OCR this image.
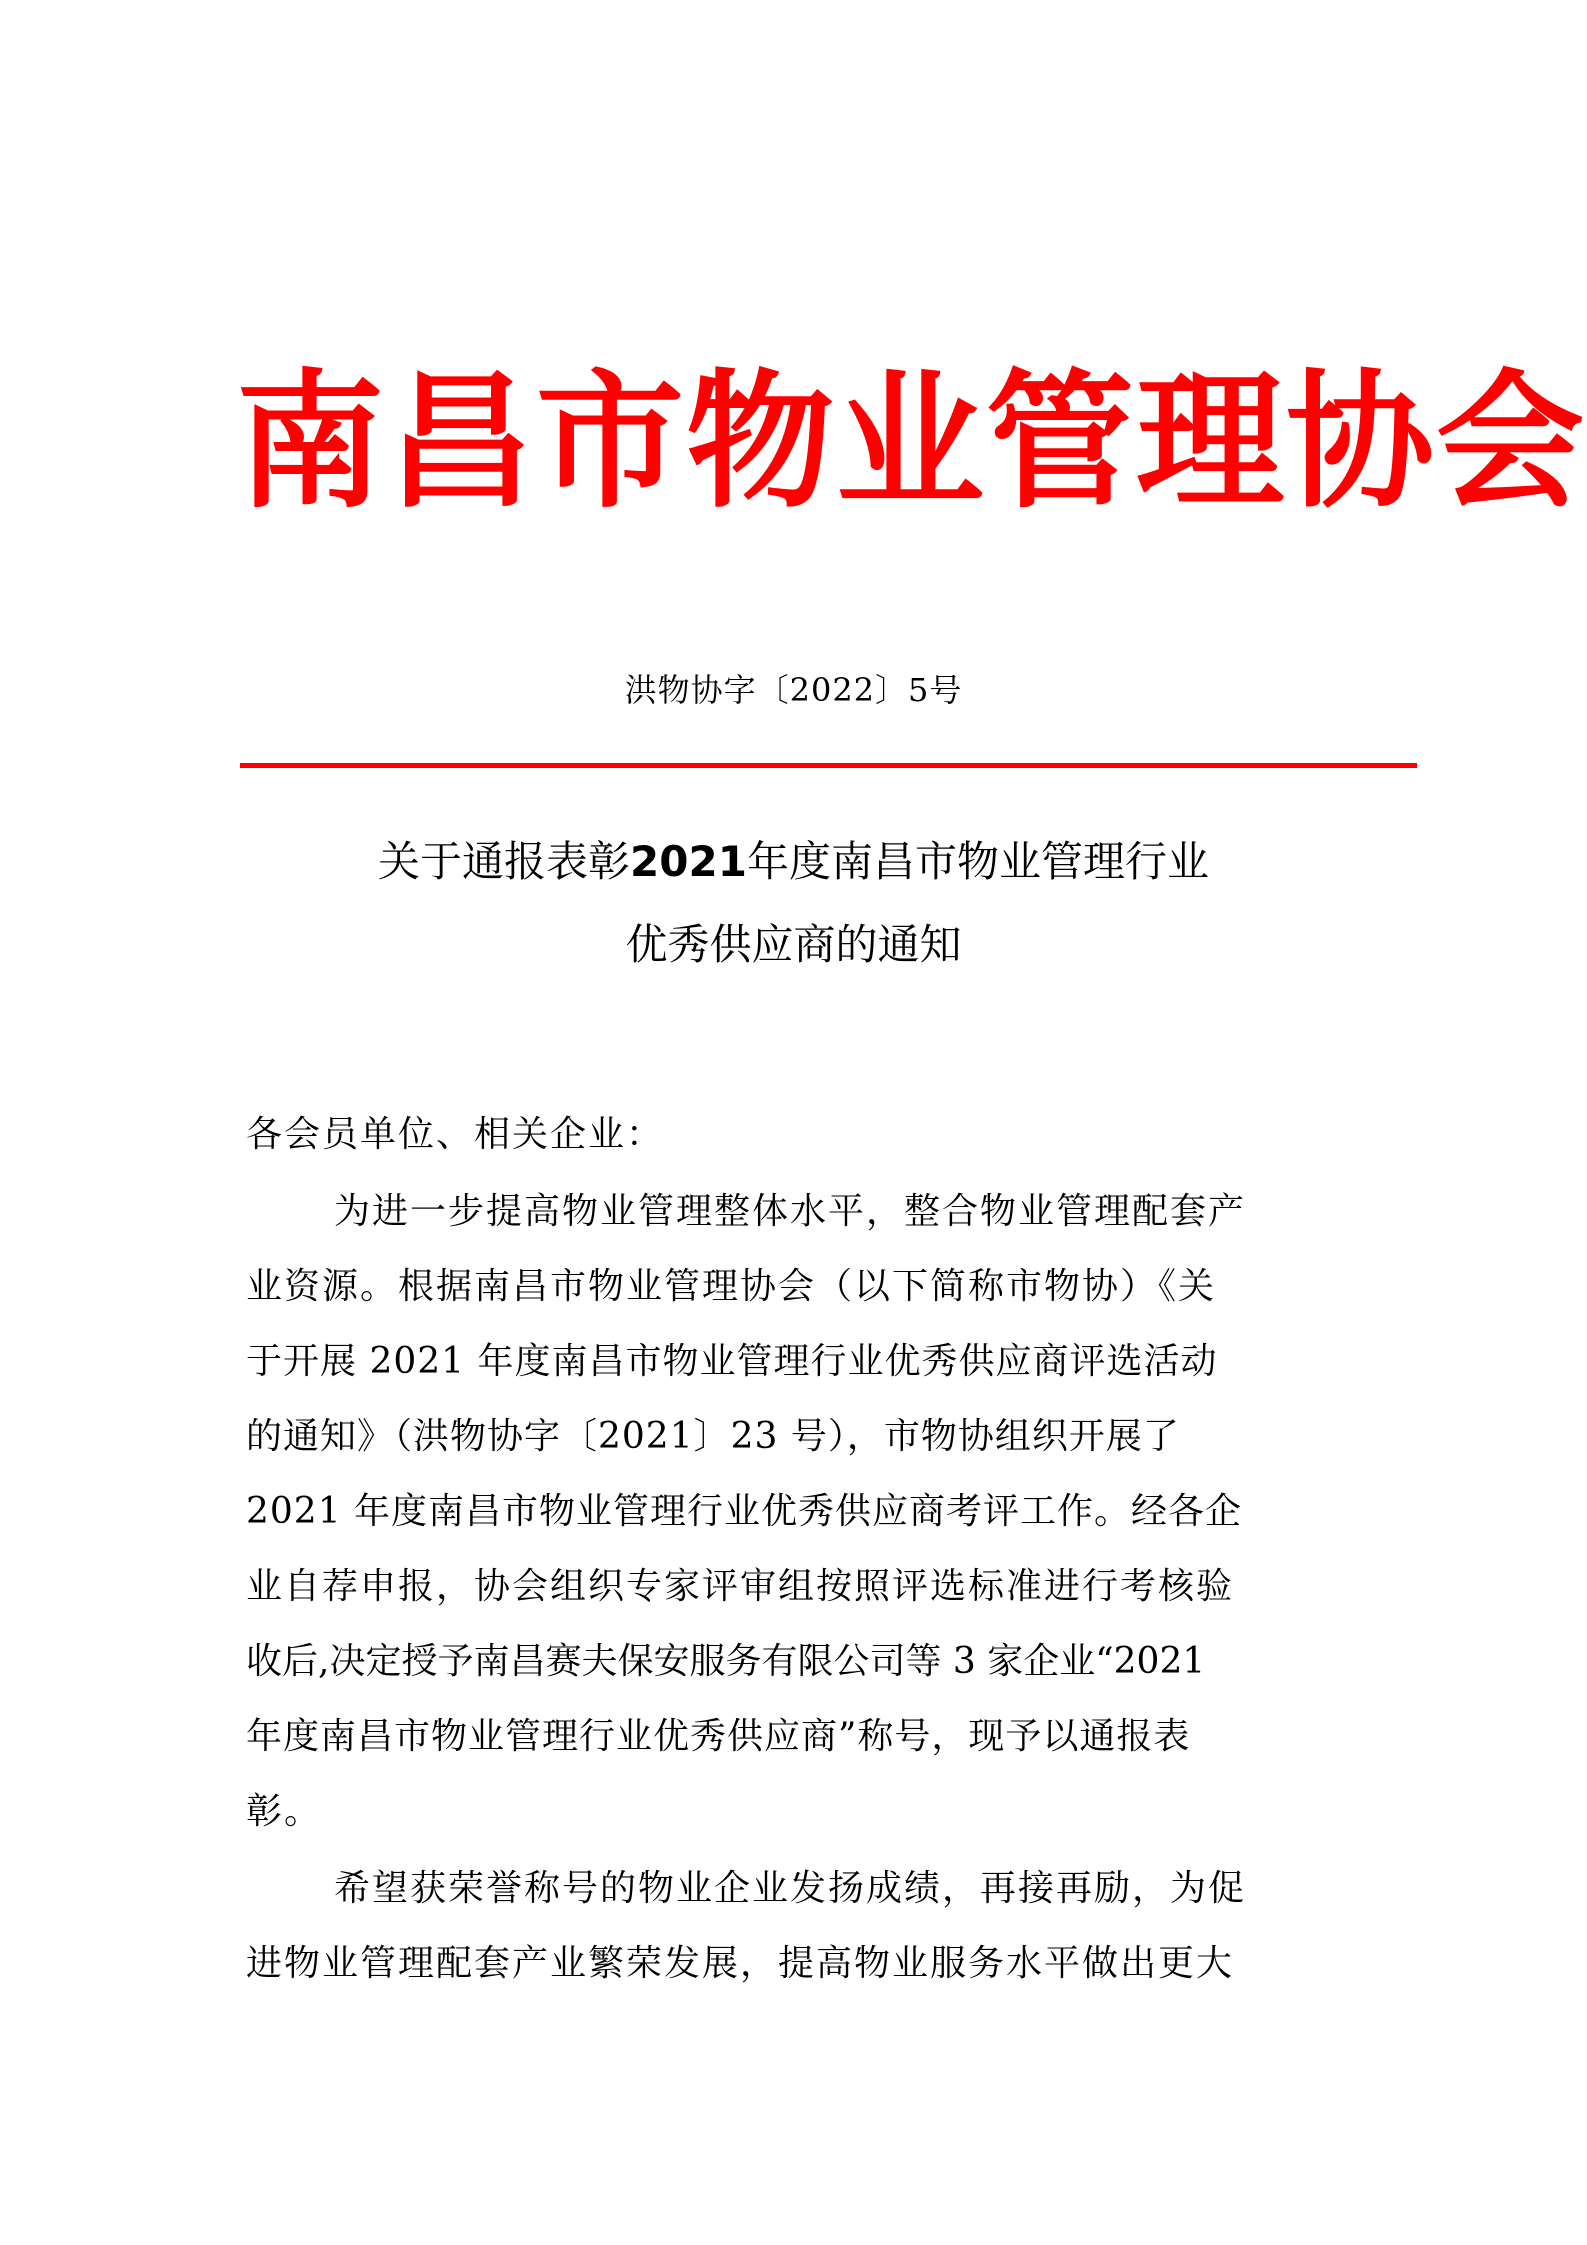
南昌市物业管理协会
洪物协字〔2022〕5号
关于通报表彰2021年度南昌市物业管理行业
优秀供应商的通知
各会员单位、相关企业：
为进一步提高物业管理整体水平，整合物业管理配套产
业资源。根据南昌市物业管理协会（以下简称市物协）《关
于开展 2021 年度南昌市物业管理行业优秀供应商评选活动
的通知》（洪物协字〔2021〕23 号），市物协组织开展了
2021 年度南昌市物业管理行业优秀供应商考评工作。经各企
业自荐申报，协会组织专家评审组按照评选标准进行考核验
收后,决定授予南昌赛夫保安服务有限公司等 3 家企业“2021
年度南昌市物业管理行业优秀供应商”称号，现予以通报表
彰。
希望获荣誉称号的物业企业发扬成绩，再接再励，为促
进物业管理配套产业繁荣发展，提高物业服务水平做出更大
